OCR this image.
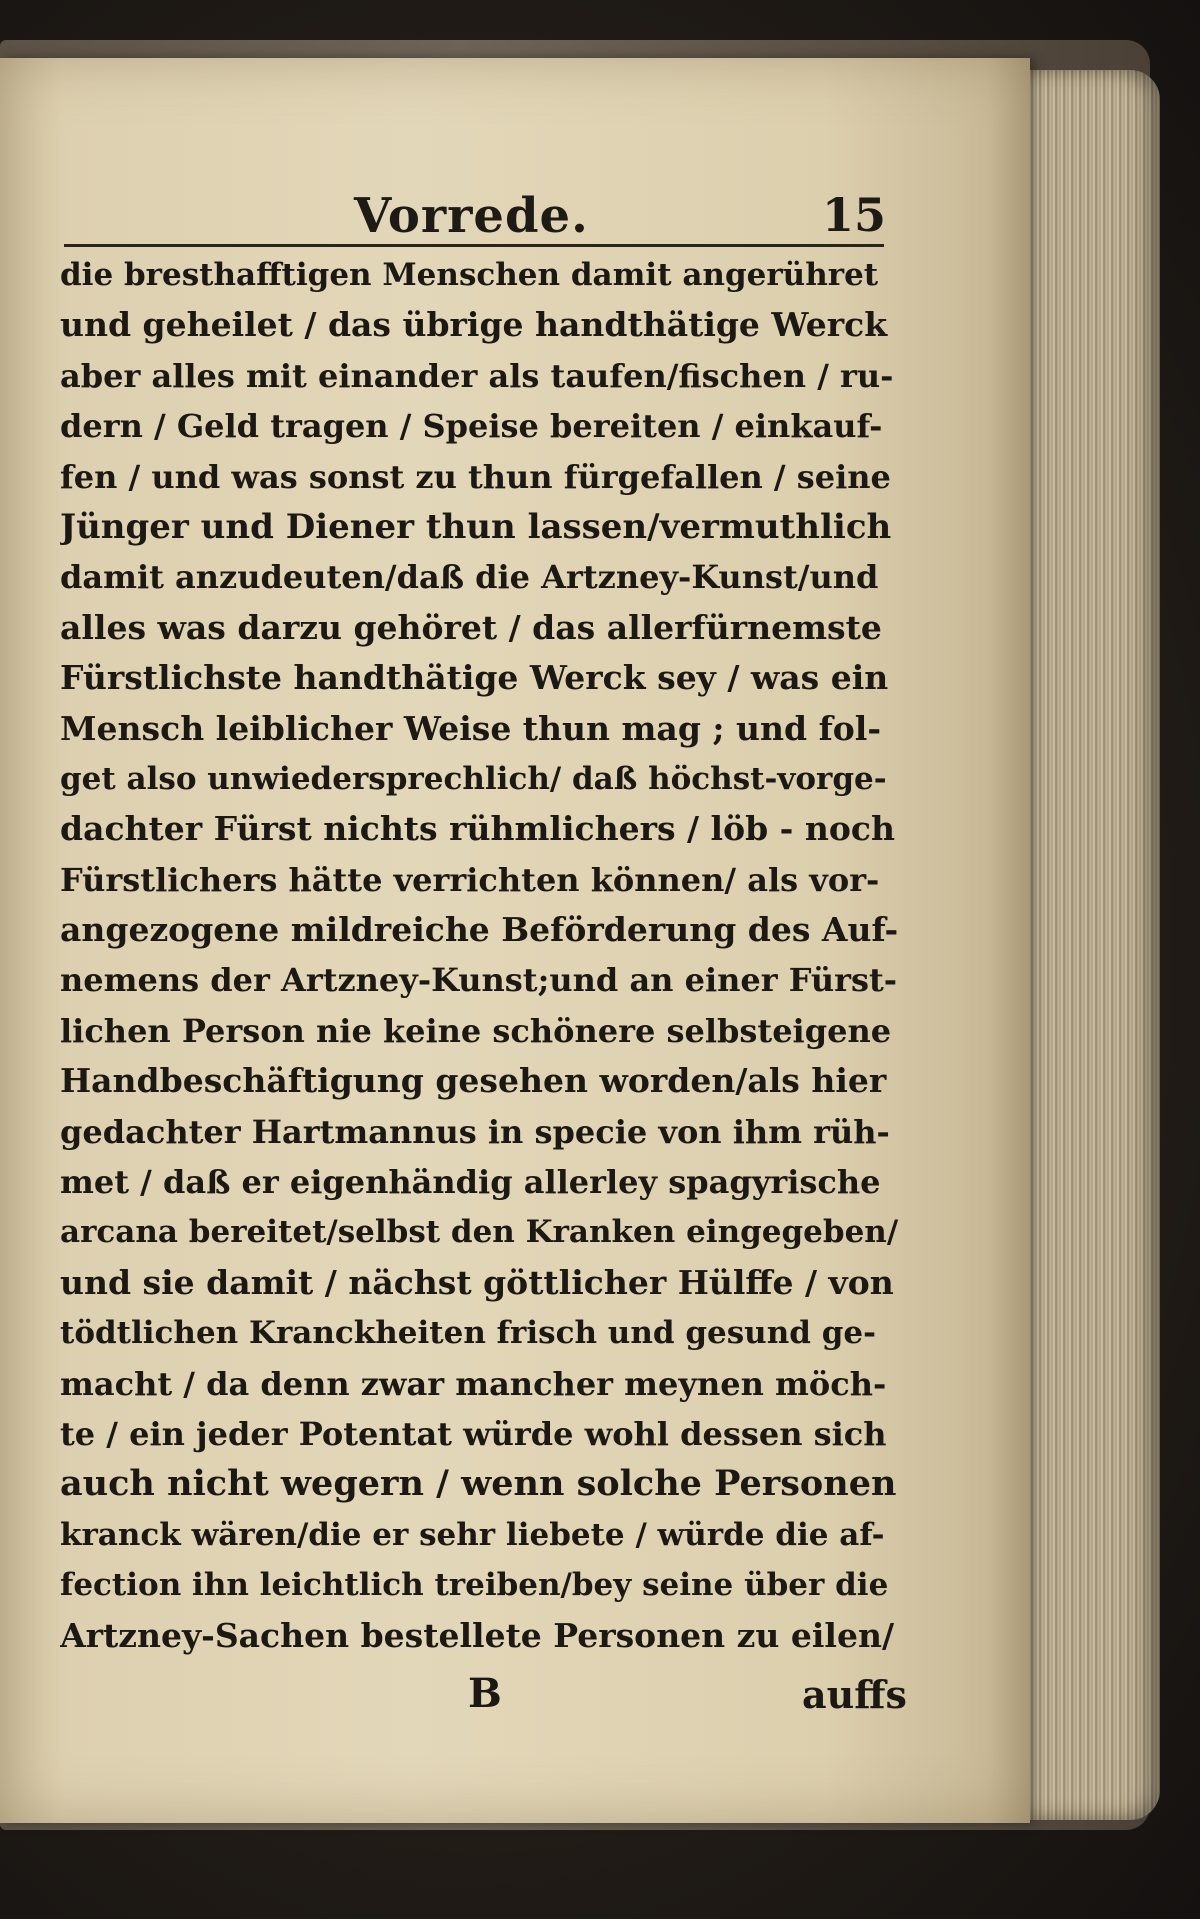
Vorrede.	15
die bresthafftigen Menschen damit angerühret
und geheilet / das übrige handthätige Werck
aber alles mit einander als taufen/fischen / ru-
dern / Geld tragen / Speise bereiten / einkauf-
fen / und was sonst zu thun fürgefallen / seine
Jünger und Diener thun lassen/vermuthlich
damit anzudeuten/daß die Artzney-Kunst/und
alles was darzu gehöret / das allerfürnemste
Fürstlichste handthätige Werck sey / was ein
Mensch leiblicher Weise thun mag ; und fol-
get also unwiedersprechlich/ daß höchst-vorge-
dachter Fürst nichts rühmlichers / löb - noch
Fürstlichers hätte verrichten können/ als vor-
angezogene mildreiche Beförderung des Auf-
nemens der Artzney-Kunst;und an einer Fürst-
lichen Person nie keine schönere selbsteigene
Handbeschäftigung gesehen worden/als hier
gedachter Hartmannus in specie von ihm rüh-
met / daß er eigenhändig allerley spagyrische
arcana bereitet/selbst den Kranken eingegeben/
und sie damit / nächst göttlicher Hülffe / von
tödtlichen Kranckheiten frisch und gesund ge-
macht / da denn zwar mancher meynen möch-
te / ein jeder Potentat würde wohl dessen sich
auch nicht wegern / wenn solche Personen
kranck wären/die er sehr liebete / würde die af-
fection ihn leichtlich treiben/bey seine über die
Artzney-Sachen bestellete Personen zu eilen/
B	auffs
